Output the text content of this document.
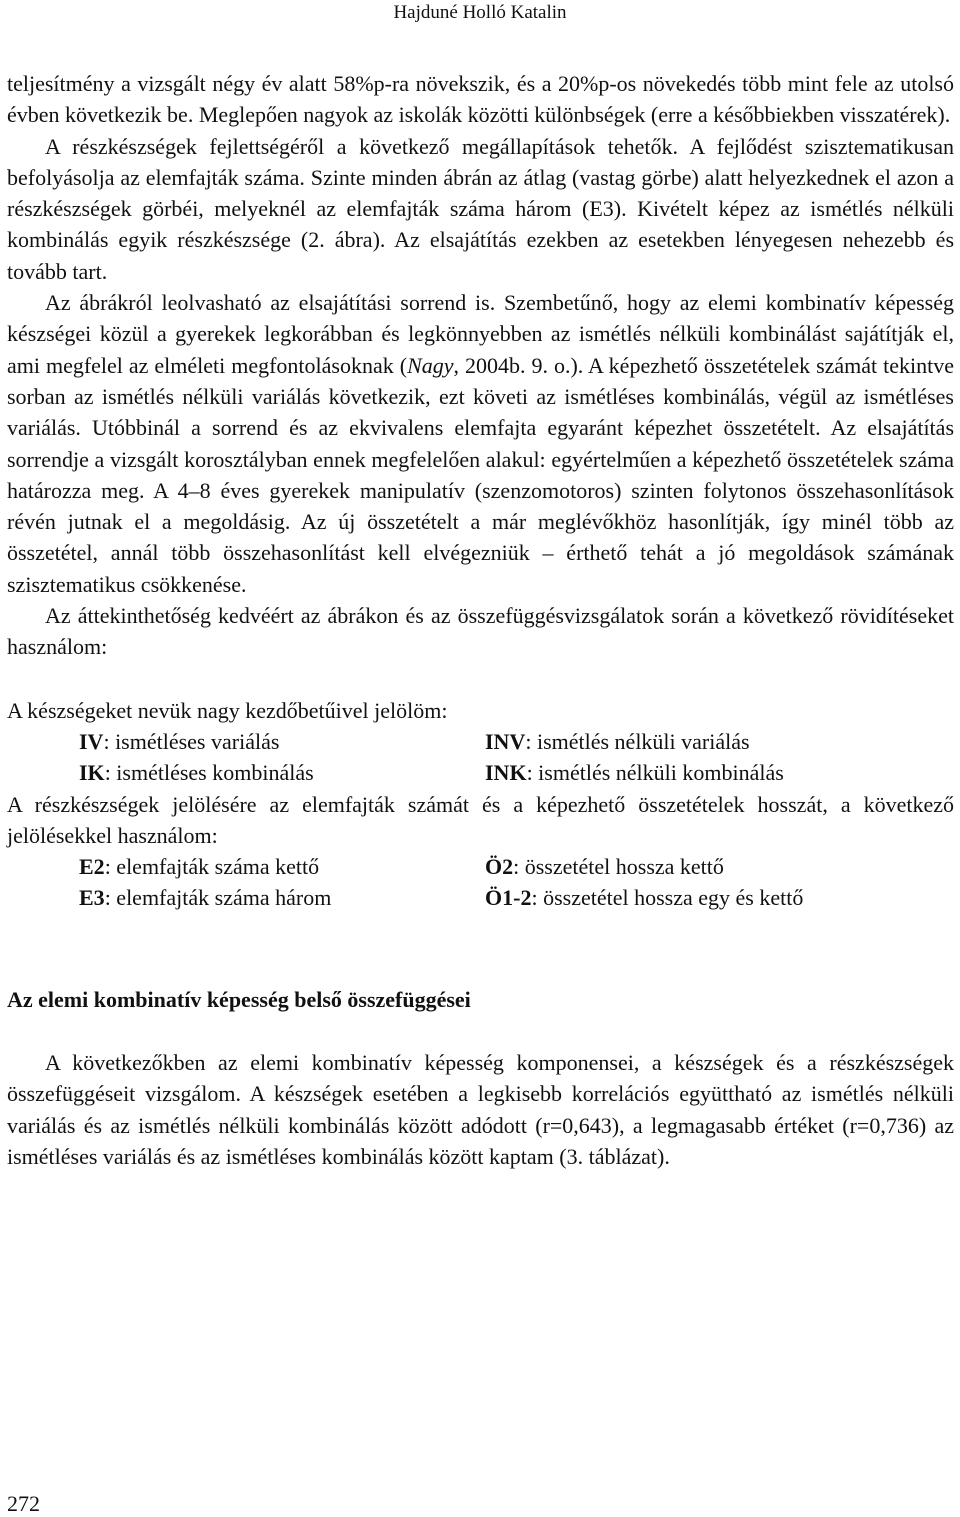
Hajduné Holló Katalin

teljesítmény a vizsgált négy év alatt 58%p-ra növekszik, és a 20%p-os növekedés több mint fele az utolsó évben következik be. Meglepően nagyok az iskolák közötti különbségek (erre a későbbiekben visszatérek).

A részkészségek fejlettségéről a következő megállapítások tehetők. A fejlődést szisztematikusan befolyásolja az elemfajták száma. Szinte minden ábrán az átlag (vastag görbe) alatt helyezkednek el azon a részkészségek görbéi, melyeknél az elemfajták száma három (E3). Kivételt képez az ismétlés nélküli kombinálás egyik részkészsége (2. ábra). Az elsajátítás ezekben az esetekben lényegesen nehezebb és tovább tart.

Az ábrákról leolvasható az elsajátítási sorrend is. Szembetűnő, hogy az elemi kombinatív képesség készségei közül a gyerekek legkorábban és legkönnyebben az ismétlés nélküli kombinálást sajátítják el, ami megfelel az elméleti megfontolásoknak (Nagy, 2004b. 9. o.). A képezhető összetételek számát tekintve sorban az ismétlés nélküli variálás következik, ezt követi az ismétléses kombinálás, végül az ismétléses variálás. Utóbbinál a sorrend és az ekvivalens elemfajta egyaránt képezhet összetételt. Az elsajátítás sorrendje a vizsgált korosztályban ennek megfelelően alakul: egyértelműen a képezhető összetételek száma határozza meg. A 4–8 éves gyerekek manipulatív (szenzomotoros) szinten folytonos összehasonlítások révén jutnak el a megoldásig. Az új összetételt a már meglévőkhöz hasonlítják, így minél több az összetétel, annál több összehasonlítást kell elvégezniük – érthető tehát a jó megoldások számának szisztematikus csökkenése.

Az áttekinthetőség kedvéért az ábrákon és az összefüggésvizsgálatok során a következő rövidítéseket használom:

A készségeket nevük nagy kezdőbetűivel jelölöm:

IV: ismétléses variálás	INV: ismétlés nélküli variálás
IK: ismétléses kombinálás	INK: ismétlés nélküli kombinálás

A részkészségek jelölésére az elemfajták számát és a képezhető összetételek hosszát, a következő jelölésekkel használom:

E2: elemfajták száma kettő	Ö2: összetétel hossza kettő
E3: elemfajták száma három	Ö1-2: összetétel hossza egy és kettő

Az elemi kombinatív képesség belső összefüggései

A következőkben az elemi kombinatív képesség komponensei, a készségek és a részkészségek összefüggéseit vizsgálom. A készségek esetében a legkisebb korrelációs együttható az ismétlés nélküli variálás és az ismétlés nélküli kombinálás között adódott (r=0,643), a legmagasabb értéket (r=0,736) az ismétléses variálás és az ismétléses kombinálás között kaptam (3. táblázat).

272
